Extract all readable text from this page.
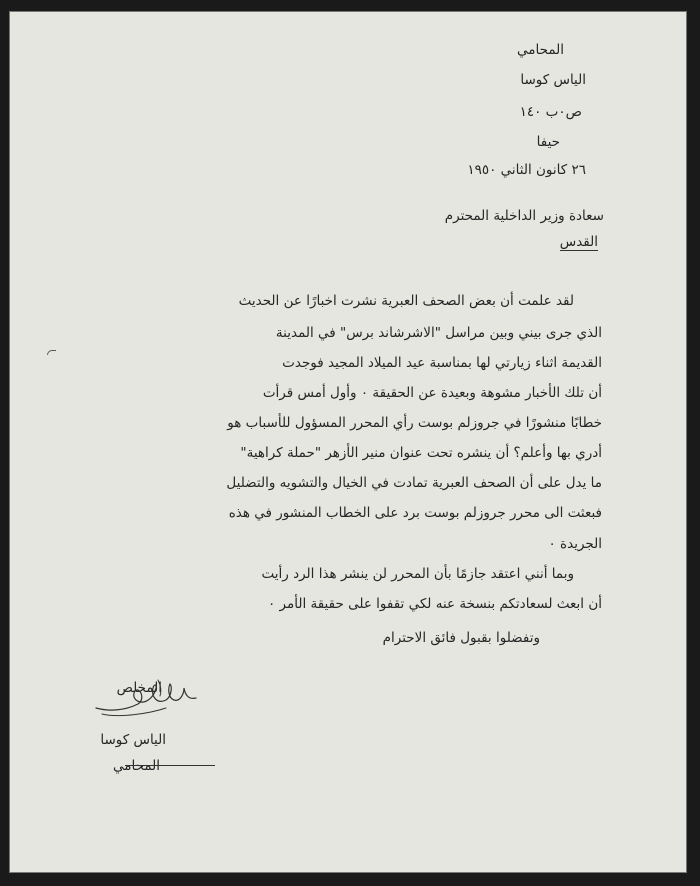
المحامي
الياس كوسا
ص٠ب ١٤٠
حيفا
٢٦ كانون الثاني ١٩٥٠
سعادة وزير الداخلية المحترم
القدس
لقد علمت أن بعض الصحف العبرية نشرت اخبارًا عن الحديث
الذي جرى بيني وبين مراسل "الاشرشاند برس" في المدينة
القديمة اثناء زيارتي لها بمناسبة عيد الميلاد المجيد فوجدت
أن تلك الأخبار مشوهة وبعيدة عن الحقيقة ٠ وأول أمس قرأت
خطابًا منشورًا في جروزلم بوست رأي المحرر المسؤول للأسباب هو
أدري بها وأعلم؟ أن ينشره تحت عنوان منير الأزهر "حملة كراهية"
ما يدل على أن الصحف العبرية تمادت في الخيال والتشويه والتضليل
فبعثت الى محرر جروزلم بوست برد على الخطاب المنشور في هذه
الجريدة ٠
وبما أنني اعتقد جازمًا بأن المحرر لن ينشر هذا الرد رأيت
أن ابعث لسعادتكم بنسخة عنه لكي تقفوا على حقيقة الأمر ٠
وتفضلوا بقبول فائق الاحترام
المخلص
الياس كوسا
المحامي
